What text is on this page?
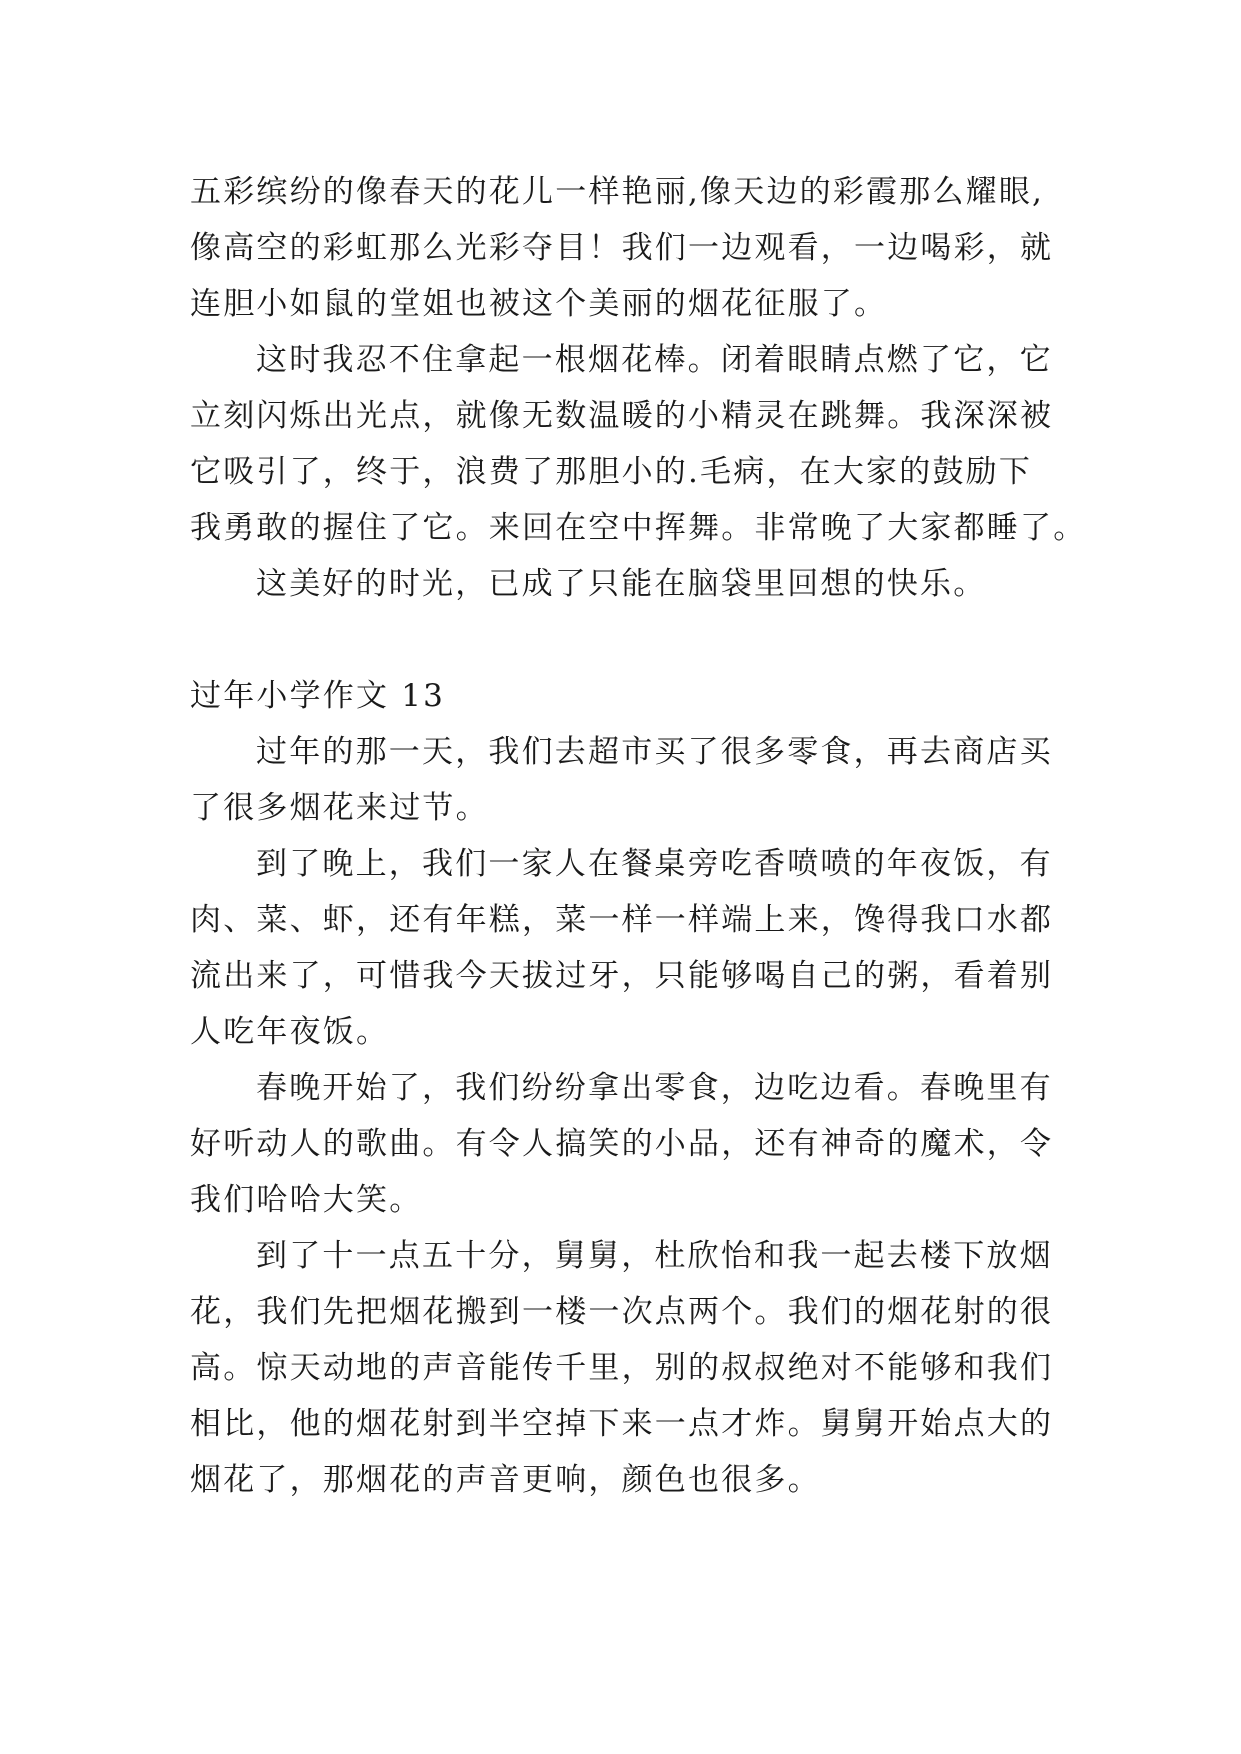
五彩缤纷的像春天的花儿一样艳丽,像天边的彩霞那么耀眼,
像高空的彩虹那么光彩夺目！我们一边观看，一边喝彩，就
连胆小如鼠的堂姐也被这个美丽的烟花征服了。
这时我忍不住拿起一根烟花棒。闭着眼睛点燃了它，它
立刻闪烁出光点，就像无数温暖的小精灵在跳舞。我深深被
它吸引了，终于，浪费了那胆小的.毛病，在大家的鼓励下
我勇敢的握住了它。来回在空中挥舞。非常晚了大家都睡了。
这美好的时光，已成了只能在脑袋里回想的快乐。
过年小学作文 13
过年的那一天，我们去超市买了很多零食，再去商店买
了很多烟花来过节。
到了晚上，我们一家人在餐桌旁吃香喷喷的年夜饭，有
肉、菜、虾，还有年糕，菜一样一样端上来，馋得我口水都
流出来了，可惜我今天拔过牙，只能够喝自己的粥，看着别
人吃年夜饭。
春晚开始了，我们纷纷拿出零食，边吃边看。春晚里有
好听动人的歌曲。有令人搞笑的小品，还有神奇的魔术，令
我们哈哈大笑。
到了十一点五十分，舅舅，杜欣怡和我一起去楼下放烟
花，我们先把烟花搬到一楼一次点两个。我们的烟花射的很
高。惊天动地的声音能传千里，别的叔叔绝对不能够和我们
相比，他的烟花射到半空掉下来一点才炸。舅舅开始点大的
烟花了，那烟花的声音更响，颜色也很多。
